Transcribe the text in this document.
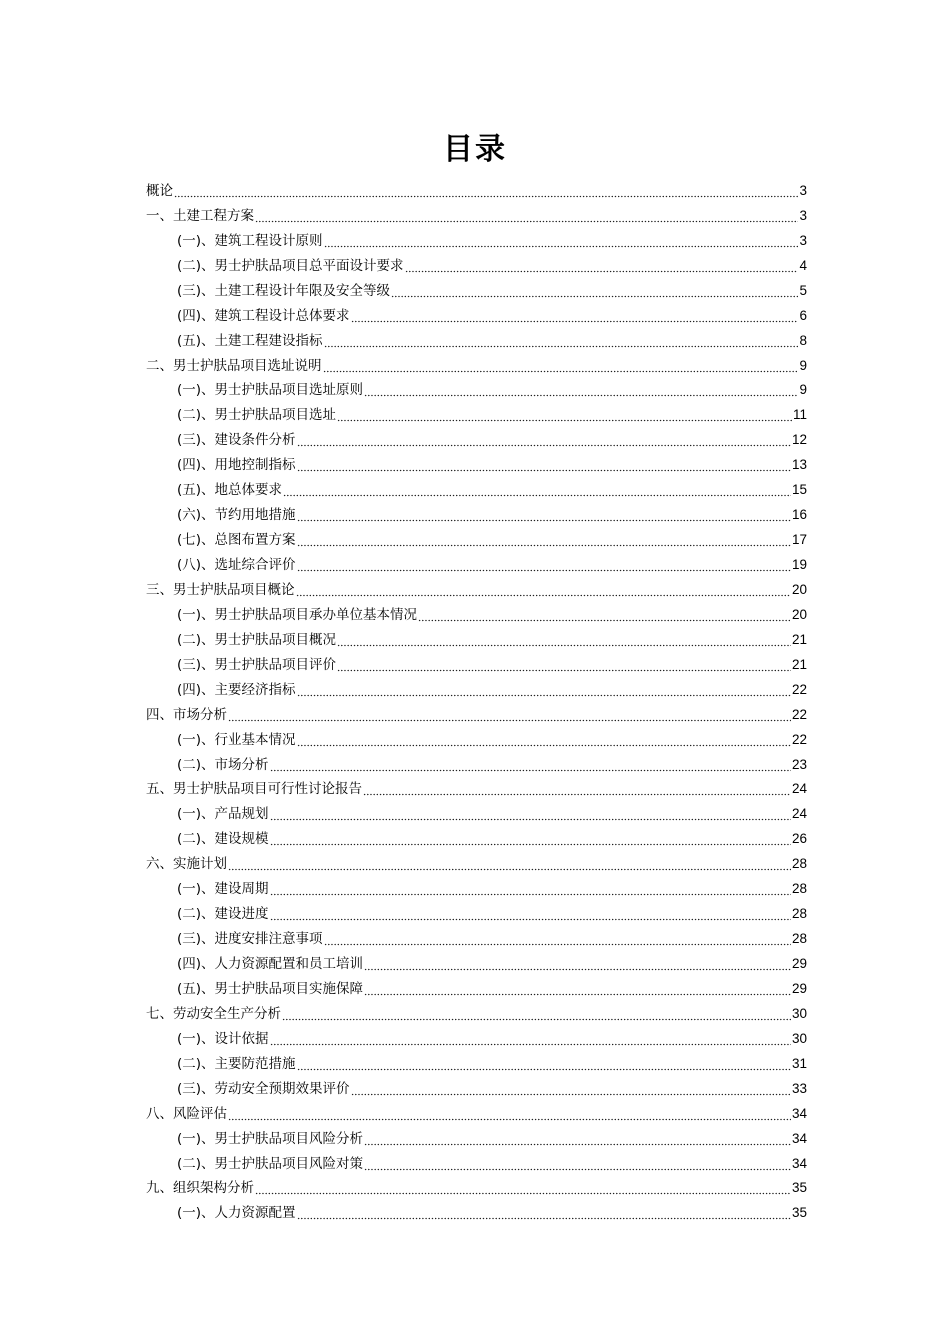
目录
概论	3
一、土建工程方案	3
(一)、建筑工程设计原则	3
(二)、男士护肤品项目总平面设计要求	4
(三)、土建工程设计年限及安全等级	5
(四)、建筑工程设计总体要求	6
(五)、土建工程建设指标	8
二、男士护肤品项目选址说明	9
(一)、男士护肤品项目选址原则	9
(二)、男士护肤品项目选址	11
(三)、建设条件分析	12
(四)、用地控制指标	13
(五)、地总体要求	15
(六)、节约用地措施	16
(七)、总图布置方案	17
(八)、选址综合评价	19
三、男士护肤品项目概论	20
(一)、男士护肤品项目承办单位基本情况	20
(二)、男士护肤品项目概况	21
(三)、男士护肤品项目评价	21
(四)、主要经济指标	22
四、市场分析	22
(一)、行业基本情况	22
(二)、市场分析	23
五、男士护肤品项目可行性讨论报告	24
(一)、产品规划	24
(二)、建设规模	26
六、实施计划	28
(一)、建设周期	28
(二)、建设进度	28
(三)、进度安排注意事项	28
(四)、人力资源配置和员工培训	29
(五)、男士护肤品项目实施保障	29
七、劳动安全生产分析	30
(一)、设计依据	30
(二)、主要防范措施	31
(三)、劳动安全预期效果评价	33
八、风险评估	34
(一)、男士护肤品项目风险分析	34
(二)、男士护肤品项目风险对策	34
九、组织架构分析	35
(一)、人力资源配置	35
